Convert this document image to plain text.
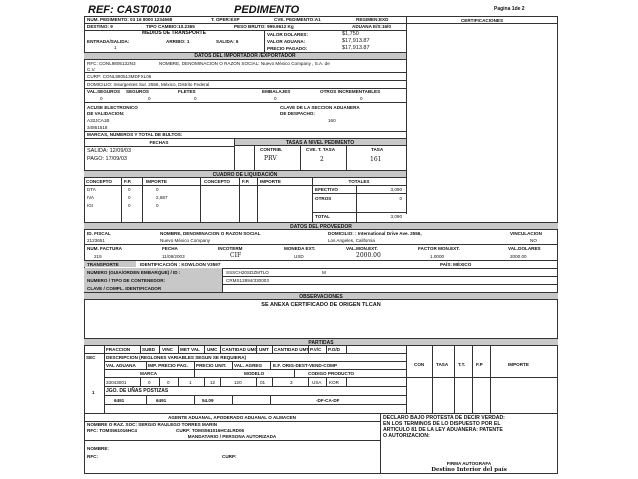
REF: CAST0010	PEDIMENTO	Pagina 1de 2
CERTIFICACIONES
NUM. PEDIMENTO: 03 16 8000 1234568	T. OPER:EXP	CVE. PEDIMENTO:A1	REGIMEN:EXD
DESTINO: 9	TIPO CAMBIO:10.2365	PESO BRUTO: 999.9612 Kg	ADUANA E/S:16/0
MEDIOS DE TRANSPORTE
ENTRADA/SALIDA:
1
ARRIBO: 1	SALIDA: 6
VALOR DOLARES:	$1,750
VALOR ADUANA:	$17,913.87
PRECIO PAGADO:	$17,913.87
DATOS DEL IMPORTADOR /EXPORTADOR
RFC: CONL9805132N3	NOMBRE, DENOMINACION O RAZON SOCIAL: Nuevo México Company , S.A. de
C.V.
CURP: CONL980513MDFXL06
DOMICILIO: Insurgentes Sur. 2556, México, Distrito Federal
VAL.SEGUROS SEGUROS	FLETES	EMBALAJES	OTROS INCREMENTABLES
0	0	0	0	0
ACUSE ELECTRONICO
DE VALIDACION:
A32JCA1B
34861518
CLAVE DE LA SECCION ADUANERA
DE DESPACHO:
160
MARCAS, NUMEROS Y TOTAL DE BULTOS:
FECHAS
SALIDA: 12/09/03
PAGO: 17/09/03
TASAS A NIVEL PEDIMENTO
CONTRIB.	CVE. T. TASA	TASA
PRV	2	161
CUADRO DE LIQUIDACIÓN
CONCEPTO	F.P.	IMPORTE	CONCEPTO	F.P. IMPORTE
DTA	0	0
IVA	0	2,687
IGI	0	0
TOTALES
EFECTIVO	3,090
OTROS	0
TOTAL	3,090
DATOS DEL PROVEEDOR
ID. FISCAL
2123651
NOMBRE, DENOMINACION O RAZON SOCIAL
Nuevo México Company
DOMICILIO: : International Drive Ave. 2556,
Los Angeles, California
VINCULACION
NO
NUM. FACTURA	FECHA	INCOTERM	MONEDA EXT.	VAL.MON.EXT.	FACTOR MON.EXT.	VAL.DOLARES
215	11/09/2003	CIF	USD	2000.00	1.0000	2000.00
TRANSPORTE	IDENTIFICACIÓN : KOWLOON V3597	PAÍS: MÉXICO
NUMERO (GUIA/ORDEN EMBARQUE) / ID :	SSSCH20SDZMTLO	M
NUMERO / TIPO DE CONTENEDOR:	CRMS12894/330003
CLAVE / COMPL. IDENTIFICADOR
OBSERVACIONES
SE ANEXA CERTIFICADO DE ORIGEN TLCAN
PARTIDAS
FRACCION	SUBD VINC MET VAL UMC CANTIDAD UMC UMT CANTIDAD UMT P.V/C P.O/D
SEC DESCRIPCION (REGLONES VARIABLES SEGUN SE REQUIERA)
VAL ADUANA	IMP. PRECIO PAG. PRECIO UNIT. VAL. AGREG E.F. ORIG-DEST-VEND-COMP
MARCA	MODELO	CODIGO PRODUCTO
CON	TASA T.T. F.P	IMPORTE
33043001	0	0	1	12	120	01	3	USA KOR
1 JGO. DE UÑAS POSTIZAS
6491	6491	54.09	-DF-CA-DF
AGENTE ADUANAL, APODERADO ADUANAL O ALMACEN
NOMBRE O RAZ. SOC: SERGIO RAULEGO TORRES MARIN
RFC: TOMS561016HC4	CURP: TOMS561016HC4LRD06
MANDATARIO / PERSONA AUTORIZADA
NOMBRE:
RFC:	CURP:
DECLARO BAJO PROTESTA DE DECIR VERDAD:
EN LOS TERMINOS DE LO DISPUESTO POR EL
ARTICULO 81 DE LA LEY ADUANERA: PATENTE
O AUTORIZACION:
FIRMA AUTOGRAFA
Destino Interior del país
